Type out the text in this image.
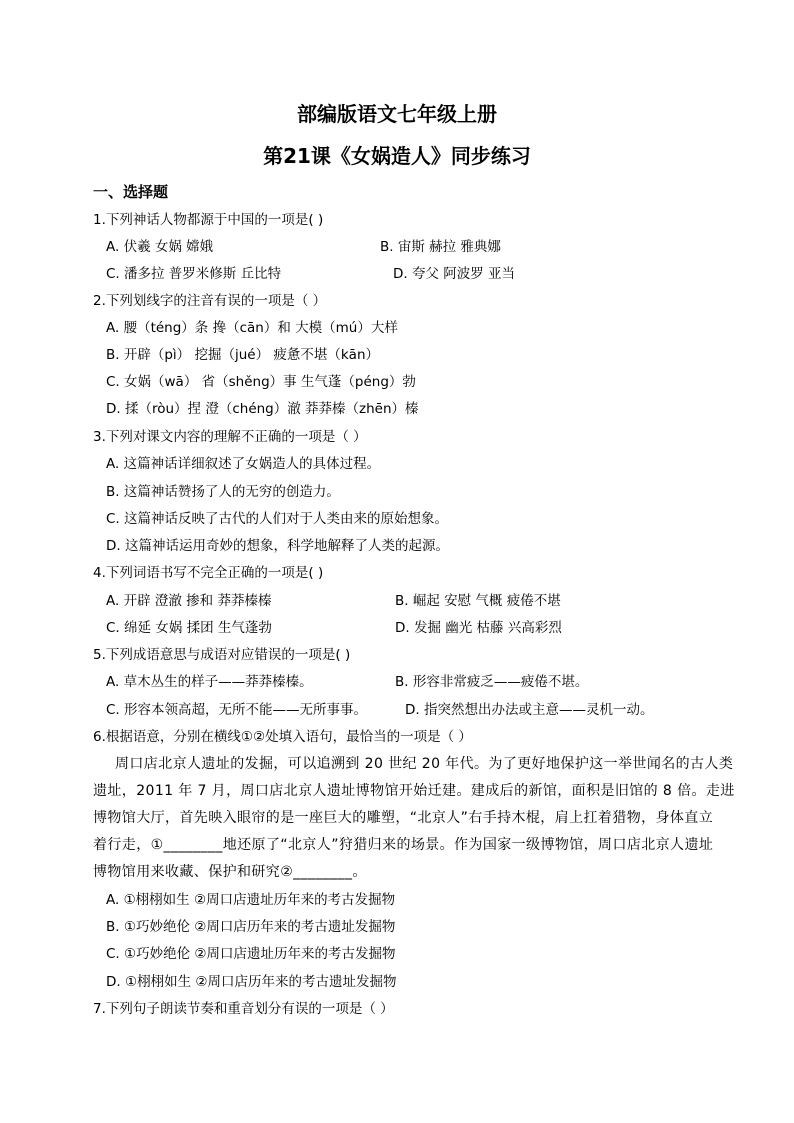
部编版语文七年级上册
第21课《女娲造人》同步练习
一、选择题
1.下列神话人物都源于中国的一项是( )
A. 伏羲 女娲 嫦娥	B. 宙斯 赫拉 雅典娜
C. 潘多拉 普罗米修斯 丘比特	D. 夸父 阿波罗 亚当
2.下列划线字的注音有误的一项是（ ）
A. 腰（téng）条 搀（cān）和 大模（mú）大样
B. 开辟（pì） 挖掘（jué） 疲惫不堪（kān）
C. 女娲（wā） 省（shěng）事 生气蓬（péng）勃
D. 揉（ròu）捏 澄（chéng）澈 莽莽榛（zhēn）榛
3.下列对课文内容的理解不正确的一项是（ ）
A. 这篇神话详细叙述了女娲造人的具体过程。
B. 这篇神话赞扬了人的无穷的创造力。
C. 这篇神话反映了古代的人们对于人类由来的原始想象。
D. 这篇神话运用奇妙的想象，科学地解释了人类的起源。
4.下列词语书写不完全正确的一项是( )
A. 开辟 澄澈 掺和 莽莽榛榛	B. 崛起 安慰 气概 疲倦不堪
C. 绵延 女娲 揉团 生气蓬勃	D. 发掘 幽光 枯藤 兴高彩烈
5.下列成语意思与成语对应错误的一项是( )
A. 草木丛生的样子——莽莽榛榛。	B. 形容非常疲乏——疲倦不堪。
C. 形容本领高超，无所不能——无所事事。	D. 指突然想出办法或主意——灵机一动。
6.根据语意，分别在横线①②处填入语句，最恰当的一项是（ ）
周口店北京人遗址的发掘，可以追溯到 20 世纪 20 年代。为了更好地保护这一举世闻名的古人类
遗址，2011 年 7 月，周口店北京人遗址博物馆开始迁建。建成后的新馆，面积是旧馆的 8 倍。走进
博物馆大厅，首先映入眼帘的是一座巨大的雕塑，“北京人”右手持木棍，肩上扛着猎物，身体直立
着行走，①________地还原了“北京人”狩猎归来的场景。作为国家一级博物馆，周口店北京人遗址
博物馆用来收藏、保护和研究②________。
A. ①栩栩如生 ②周口店遗址历年来的考古发掘物
B. ①巧妙绝伦 ②周口店历年来的考古遗址发掘物
C. ①巧妙绝伦 ②周口店遗址历年来的考古发掘物
D. ①栩栩如生 ②周口店历年来的考古遗址发掘物
7.下列句子朗读节奏和重音划分有误的一项是（ ）
